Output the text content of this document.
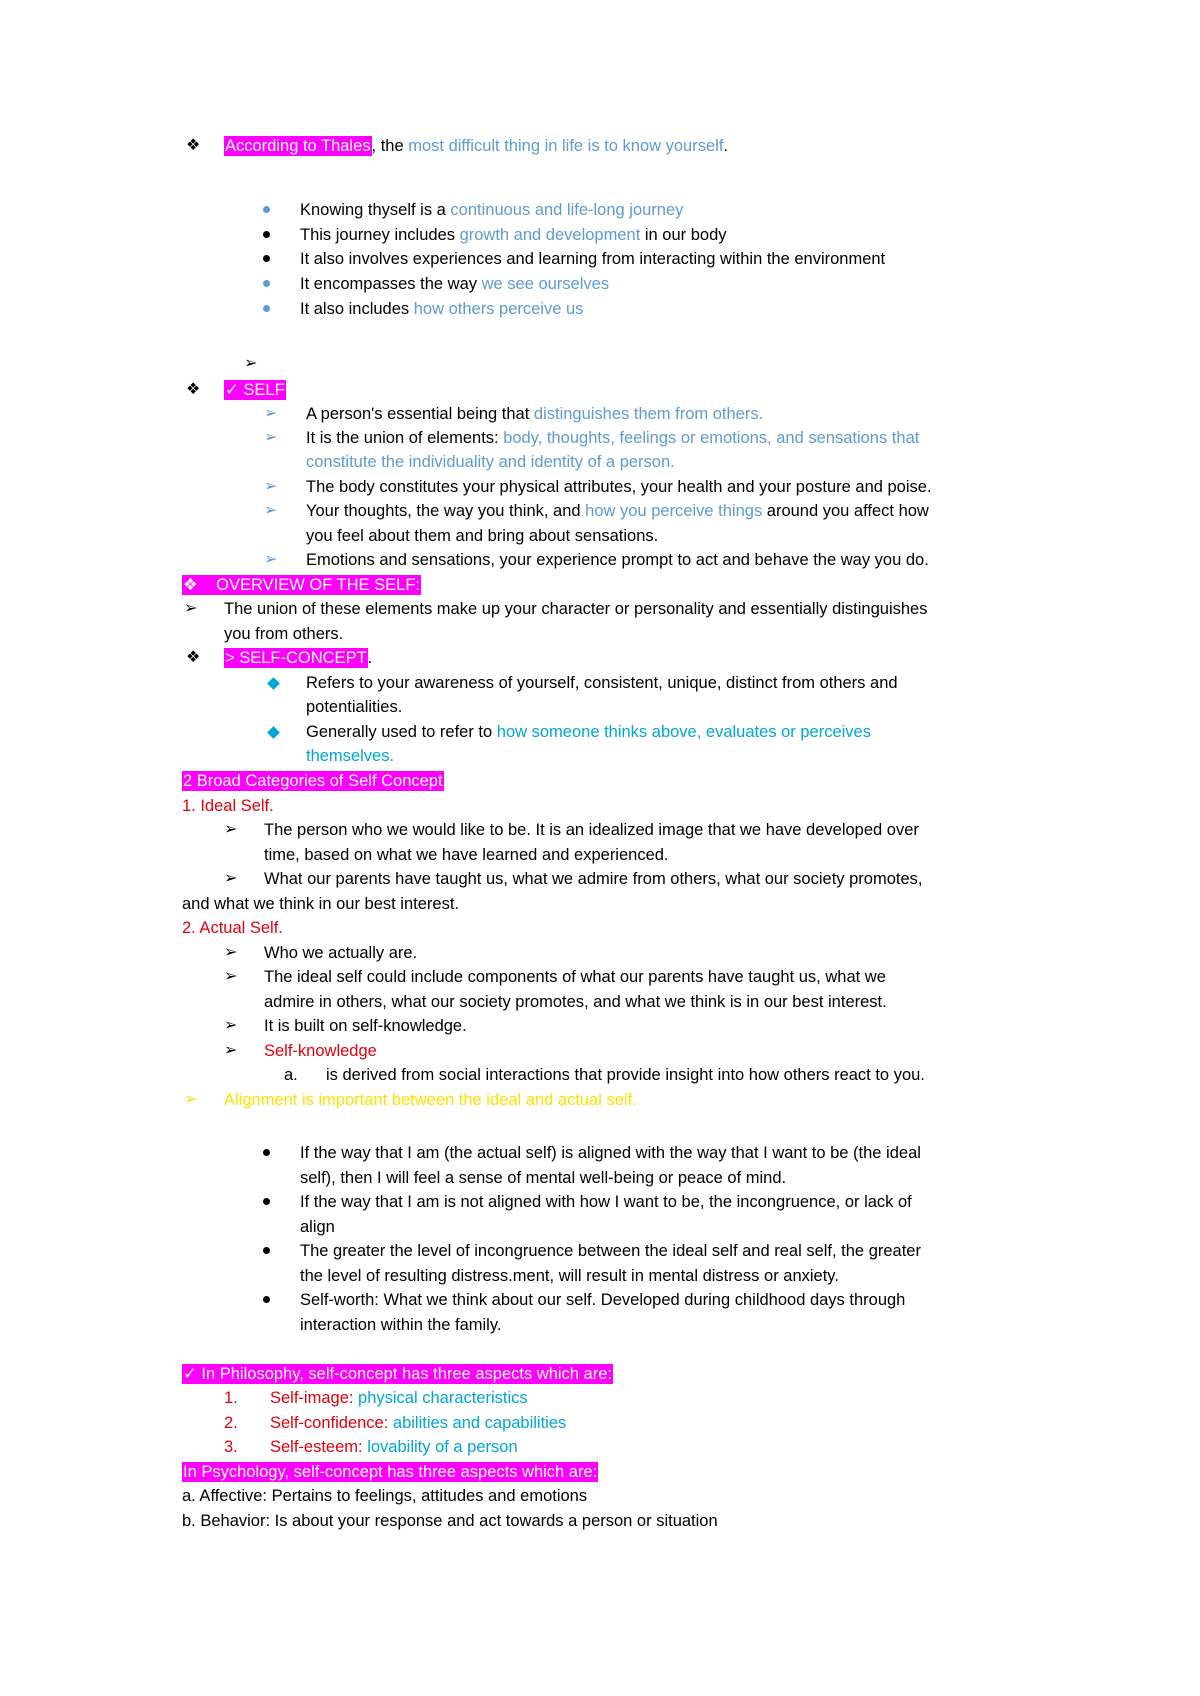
❖ According to Thales, the most difficult thing in life is to know yourself.
Knowing thyself is a continuous and life-long journey
This journey includes growth and development in our body
It also involves experiences and learning from interacting within the environment
It encompasses the way we see ourselves
It also includes how others perceive us
➢
❖ ✓ SELF
➢ A person's essential being that distinguishes them from others.
➢ It is the union of elements: body, thoughts, feelings or emotions, and sensations that
constitute the individuality and identity of a person.
➢ The body constitutes your physical attributes, your health and your posture and poise.
➢ Your thoughts, the way you think, and how you perceive things around you affect how
you feel about them and bring about sensations.
➢ Emotions and sensations, your experience prompt to act and behave the way you do.
❖ OVERVIEW OF THE SELF:
➢ The union of these elements make up your character or personality and essentially distinguishes
you from others.
❖ > SELF-CONCEPT.
Refers to your awareness of yourself, consistent, unique, distinct from others and
potentialities.
Generally used to refer to how someone thinks above, evaluates or perceives
themselves.
2 Broad Categories of Self Concept
1. Ideal Self.
➢ The person who we would like to be. It is an idealized image that we have developed over
time, based on what we have learned and experienced.
➢ What our parents have taught us, what we admire from others, what our society promotes,
and what we think in our best interest.
2. Actual Self.
➢ Who we actually are.
➢ The ideal self could include components of what our parents have taught us, what we
admire in others, what our society promotes, and what we think is in our best interest.
➢ It is built on self-knowledge.
➢ Self-knowledge
a. is derived from social interactions that provide insight into how others react to you.
➢ Alignment is important between the ideal and actual self.
If the way that I am (the actual self) is aligned with the way that I want to be (the ideal
self), then I will feel a sense of mental well-being or peace of mind.
If the way that I am is not aligned with how I want to be, the incongruence, or lack of
align
The greater the level of incongruence between the ideal self and real self, the greater
the level of resulting distress.ment, will result in mental distress or anxiety.
Self-worth: What we think about our self. Developed during childhood days through
interaction within the family.
✓ In Philosophy, self-concept has three aspects which are:
1. Self-image: physical characteristics
2. Self-confidence: abilities and capabilities
3. Self-esteem: lovability of a person
In Psychology, self-concept has three aspects which are:
a. Affective: Pertains to feelings, attitudes and emotions
b. Behavior: Is about your response and act towards a person or situation
